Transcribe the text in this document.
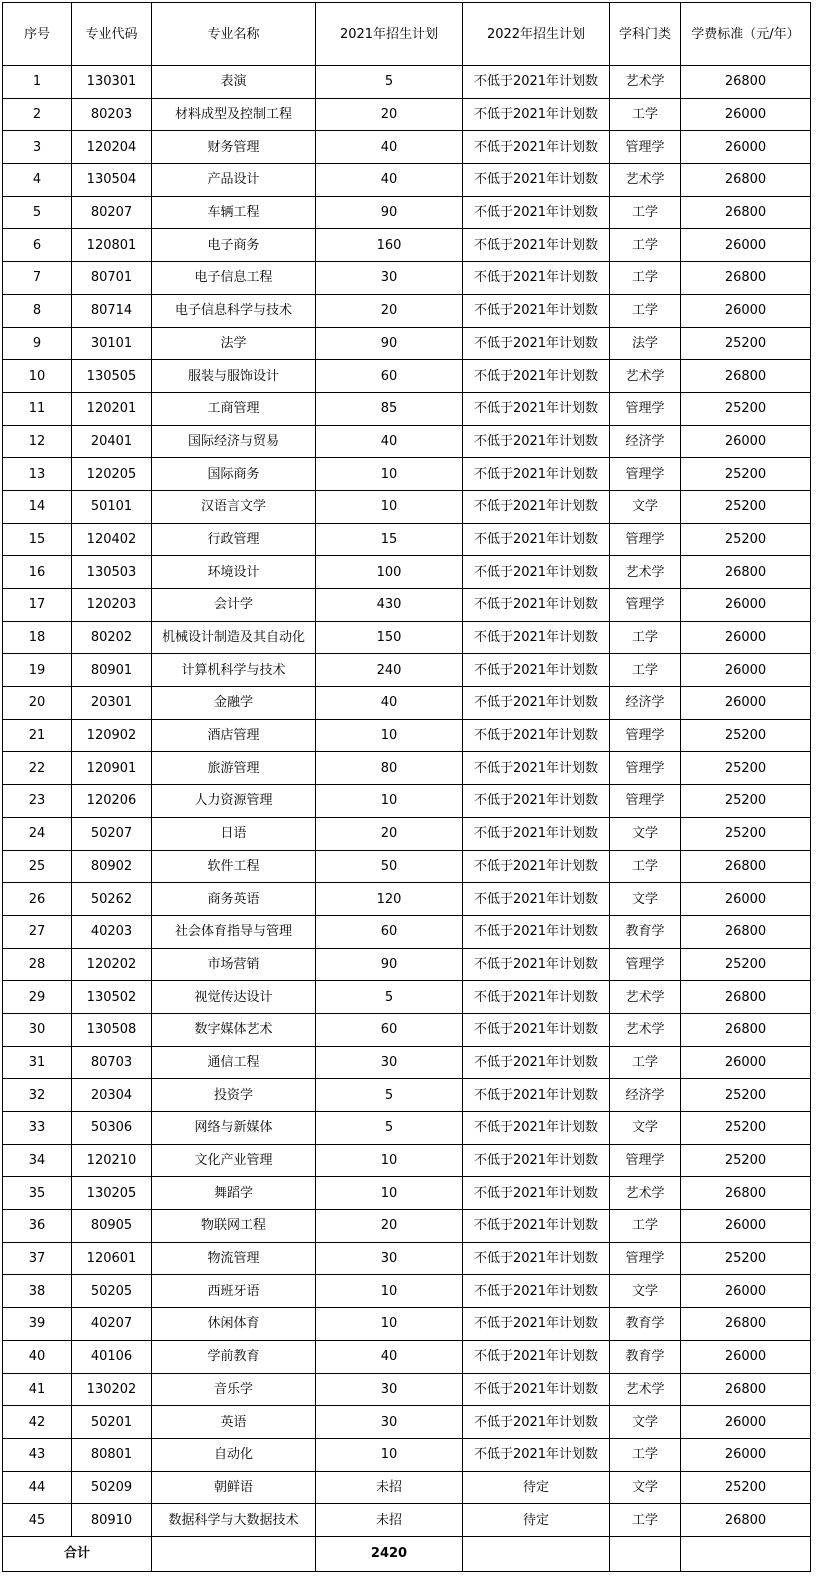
序号	专业代码	专业名称	2021年招生计划	2022年招生计划	学科门类	学费标准（元/年）
1	130301	表演	5	不低于2021年计划数	艺术学	26800
2	80203	材料成型及控制工程	20	不低于2021年计划数	工学	26000
3	120204	财务管理	40	不低于2021年计划数	管理学	26000
4	130504	产品设计	40	不低于2021年计划数	艺术学	26800
5	80207	车辆工程	90	不低于2021年计划数	工学	26800
6	120801	电子商务	160	不低于2021年计划数	工学	26000
7	80701	电子信息工程	30	不低于2021年计划数	工学	26800
8	80714	电子信息科学与技术	20	不低于2021年计划数	工学	26000
9	30101	法学	90	不低于2021年计划数	法学	25200
10	130505	服装与服饰设计	60	不低于2021年计划数	艺术学	26800
11	120201	工商管理	85	不低于2021年计划数	管理学	25200
12	20401	国际经济与贸易	40	不低于2021年计划数	经济学	26000
13	120205	国际商务	10	不低于2021年计划数	管理学	25200
14	50101	汉语言文学	10	不低于2021年计划数	文学	25200
15	120402	行政管理	15	不低于2021年计划数	管理学	25200
16	130503	环境设计	100	不低于2021年计划数	艺术学	26800
17	120203	会计学	430	不低于2021年计划数	管理学	26000
18	80202	机械设计制造及其自动化	150	不低于2021年计划数	工学	26000
19	80901	计算机科学与技术	240	不低于2021年计划数	工学	26000
20	20301	金融学	40	不低于2021年计划数	经济学	26000
21	120902	酒店管理	10	不低于2021年计划数	管理学	25200
22	120901	旅游管理	80	不低于2021年计划数	管理学	25200
23	120206	人力资源管理	10	不低于2021年计划数	管理学	25200
24	50207	日语	20	不低于2021年计划数	文学	25200
25	80902	软件工程	50	不低于2021年计划数	工学	26800
26	50262	商务英语	120	不低于2021年计划数	文学	26000
27	40203	社会体育指导与管理	60	不低于2021年计划数	教育学	26800
28	120202	市场营销	90	不低于2021年计划数	管理学	25200
29	130502	视觉传达设计	5	不低于2021年计划数	艺术学	26800
30	130508	数字媒体艺术	60	不低于2021年计划数	艺术学	26800
31	80703	通信工程	30	不低于2021年计划数	工学	26000
32	20304	投资学	5	不低于2021年计划数	经济学	25200
33	50306	网络与新媒体	5	不低于2021年计划数	文学	25200
34	120210	文化产业管理	10	不低于2021年计划数	管理学	25200
35	130205	舞蹈学	10	不低于2021年计划数	艺术学	26800
36	80905	物联网工程	20	不低于2021年计划数	工学	26000
37	120601	物流管理	30	不低于2021年计划数	管理学	25200
38	50205	西班牙语	10	不低于2021年计划数	文学	26000
39	40207	休闲体育	10	不低于2021年计划数	教育学	26800
40	40106	学前教育	40	不低于2021年计划数	教育学	26000
41	130202	音乐学	30	不低于2021年计划数	艺术学	26800
42	50201	英语	30	不低于2021年计划数	文学	26000
43	80801	自动化	10	不低于2021年计划数	工学	26000
44	50209	朝鲜语	未招	待定	文学	25200
45	80910	数据科学与大数据技术	未招	待定	工学	26800
合计			2420			
